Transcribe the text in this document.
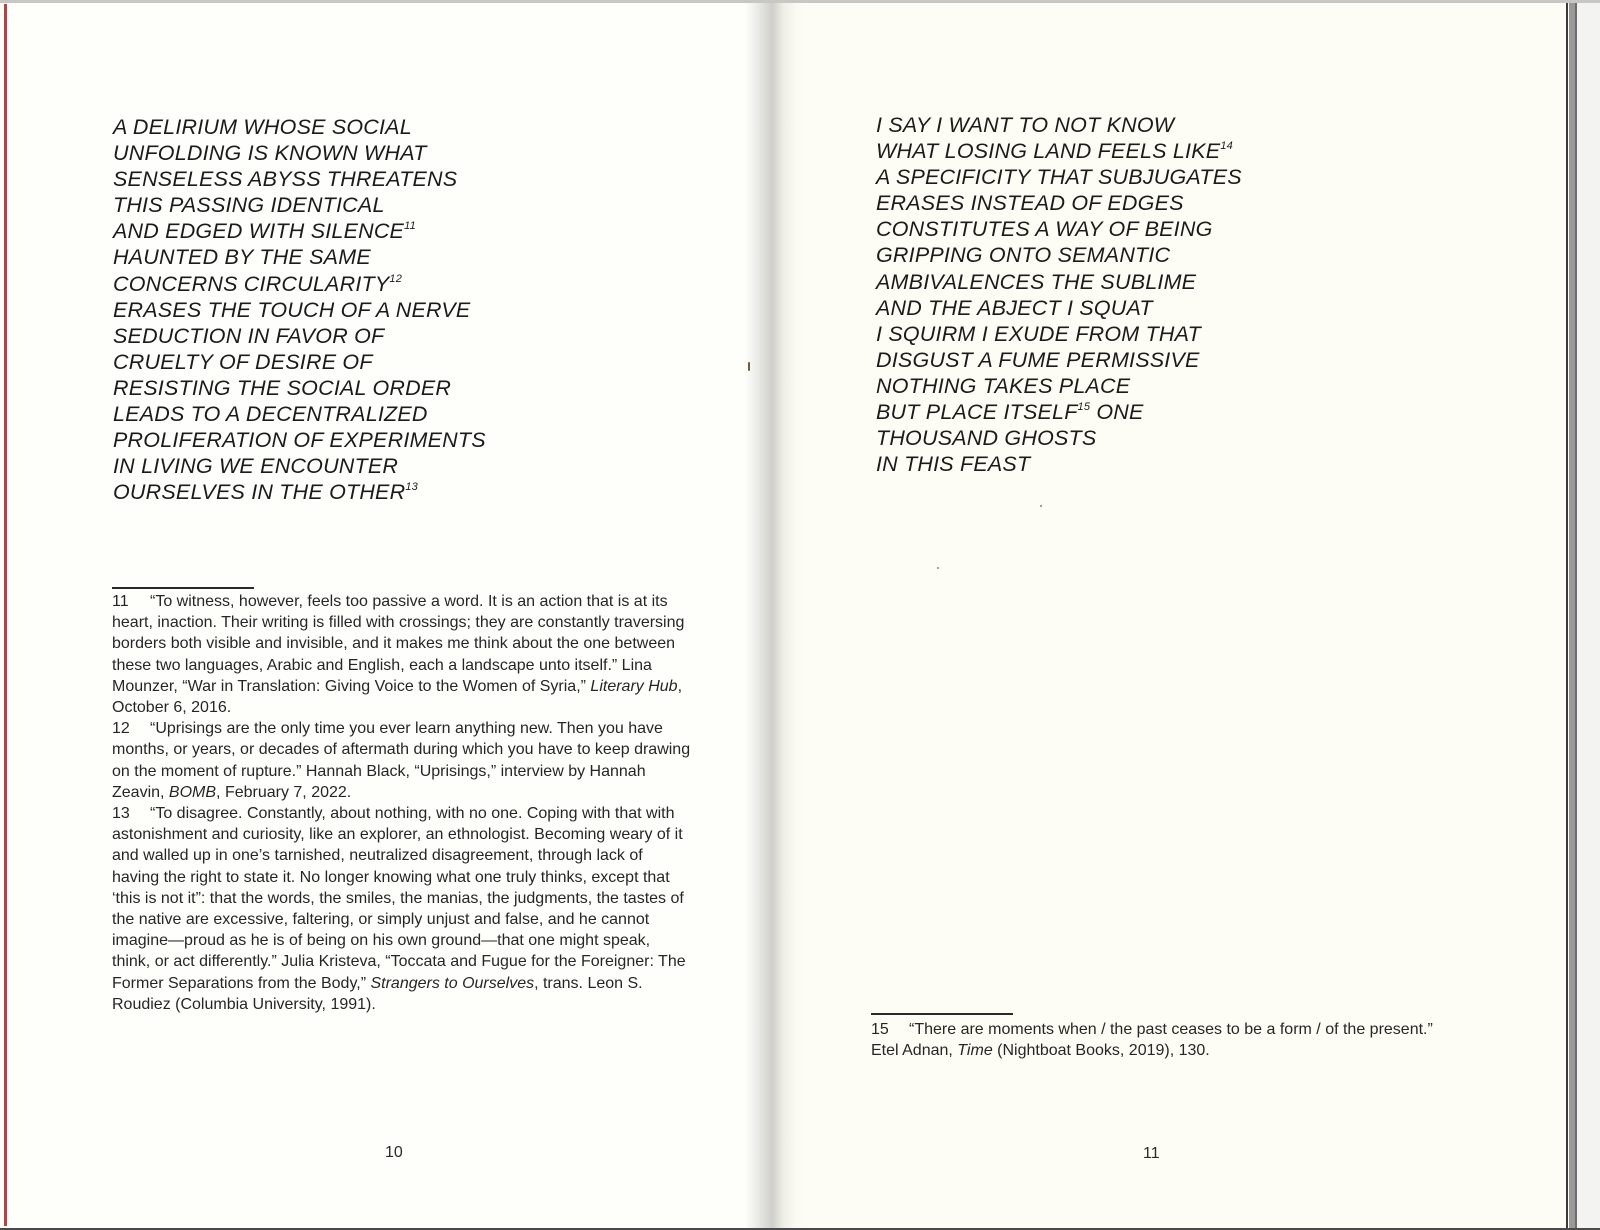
A DELIRIUM WHOSE SOCIAL
UNFOLDING IS KNOWN WHAT
SENSELESS ABYSS THREATENS
THIS PASSING IDENTICAL
AND EDGED WITH SILENCE$^{11}$
HAUNTED BY THE SAME
CONCERNS CIRCULARITY$^{12}$
ERASES THE TOUCH OF A NERVE
SEDUCTION IN FAVOR OF
CRUELTY OF DESIRE OF
RESISTING THE SOCIAL ORDER
LEADS TO A DECENTRALIZED
PROLIFERATION OF EXPERIMENTS
IN LIVING WE ENCOUNTER
OURSELVES IN THE OTHER$^{13}$

11 “To witness, however, feels too passive a word. It is an action that is at its heart, inaction. Their writing is filled with crossings; they are constantly traversing borders both visible and invisible, and it makes me think about the one between these two languages, Arabic and English, each a landscape unto itself.” Lina Mounzer, “War in Translation: Giving Voice to the Women of Syria,” Literary Hub, October 6, 2016.

12 “Uprisings are the only time you ever learn anything new. Then you have months, or years, or decades of aftermath during which you have to keep drawing on the moment of rupture.” Hannah Black, “Uprisings,” interview by Hannah Zeavin, BOMB, February 7, 2022.

13 “To disagree. Constantly, about nothing, with no one. Coping with that with astonishment and curiosity, like an explorer, an ethnologist. Becoming weary of it and walled up in one’s tarnished, neutralized disagreement, through lack of having the right to state it. No longer knowing what one truly thinks, except that ‘this is not it”: that the words, the smiles, the manias, the judgments, the tastes of the native are excessive, faltering, or simply unjust and false, and he cannot imagine—proud as he is of being on his own ground—that one might speak, think, or act differently.” Julia Kristeva, “Toccata and Fugue for the Foreigner: The Former Separations from the Body,” Strangers to Ourselves, trans. Leon S. Roudiez (Columbia University, 1991).

10
I SAY I WANT TO NOT KNOW
WHAT LOSING LAND FEELS LIKE$^{14}$
A SPECIFICITY THAT SUBJUGATES
ERASES INSTEAD OF EDGES
CONSTITUTES A WAY OF BEING
GRIPPING ONTO SEMANTIC
AMBIVALENCES THE SUBLIME
AND THE ABJECT I SQUAT
I SQUIRM I EXUDE FROM THAT
DISGUST A FUME PERMISSIVE
NOTHING TAKES PLACE
BUT PLACE ITSELF$^{15}$ ONE
THOUSAND GHOSTS
IN THIS FEAST

15 “There are moments when / the past ceases to be a form / of the present.” Etel Adnan, Time (Nightboat Books, 2019), 130.

11
